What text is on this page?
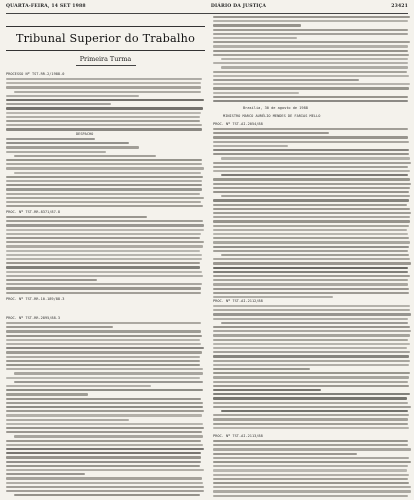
QUARTA-FEIRA, 14 SET 1988	DIÁRIO DA JUSTIÇA	23421
Tribunal Superior do Trabalho
Primeira Turma
PROCESSO Nº TST-RR-2/1988-0
DESPACHO
PROC. Nº TST-RR-8371/87.8
PROC. Nº TST-RR-10.189/88.3
PROC. Nº TST-RR-2895/88.3
Brasília, 30 de agosto de 1988
MINISTRO MARCO AURÉLIO MENDES DE FARIAS MELLO
PROC. Nº TST-AI-2054/88
PROC. Nº TST-AI-2112/88
PROC. Nº TST-AI-2113/88
